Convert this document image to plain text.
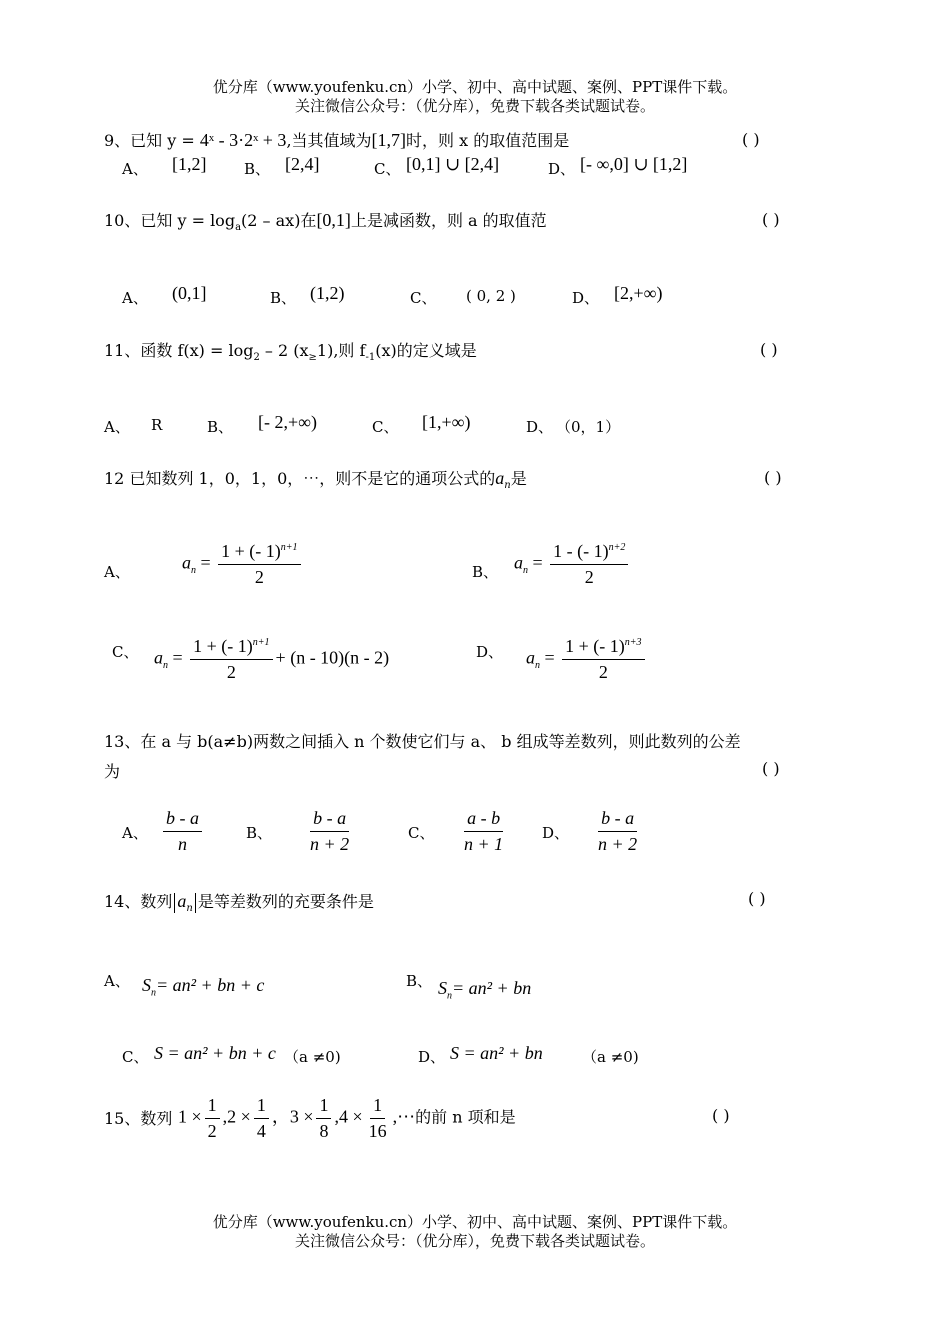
优分库（www.youfenku.cn）小学、初中、高中试题、案例、PPT课件下载。
关注微信公众号：（优分库），免费下载各类试题试卷。
9、已知 y = 4ˣ - 3·2ˣ + 3,当其值域为[1,7]时，则 x 的取值范围是	( )
A、 [1,2]	B、 [2,4]	C、 [0,1] ∪ [2,4]	D、 [- ∞,0] ∪ [1,2]
10、已知 $y = \log_a(2 - ax)$在[0,1]上是减函数，则 a 的取值范	( )
A、 (0,1]	B、 (1,2)	C、 ( 0, 2 )	D、 [2,+∞)
11、函数 $f(x) = \log_2 - 2$ $(x_\ge 1)$,则 $f_{-1}(x)$的定义域是	( )
A、 R	B、 [- 2,+∞)	C、 [1,+∞)	D、 （0，1）
12 已知数列 1，0，1，0，⋯，则不是它的通项公式的$a_n$是	( )
A、	$a_n = \frac{1 + (- 1)^{n+1}}{2}$	B、 $a_n = \frac{1 - (- 1)^{n+2}}{2}$
C、 $a_n = \frac{1 + (- 1)^{n+1}}{2} + (n - 10)(n - 2)$	D、 $a_n = \frac{1 + (- 1)^{n+3}}{2}$
13、在 a 与 b(a≠b)两数之间插入 n 个数使它们与 a、 b 组成等差数列，则此数列的公差
为	( )
A、 $\frac{b - a}{n}$	B、 $\frac{b - a}{n + 2}$	C、 $\frac{a - b}{n + 1}$ D、 $\frac{b - a}{n + 2}$
14、数列 $a_n$ 是等差数列的充要条件是	( )
A、 $S_n= an^2$ + bn + c	B、 $S_n= an^2$ + bn
C、 S = an² + bn + c （a ≠0)	D、 S = an² + bn	（a ≠0)
15、数列 $1 \times \frac{1}{2} ,2 \times \frac{1}{4}$ ，$3 \times \frac{1}{8} ,4 \times \frac{1}{16}$ ,⋯的前 n 项和是	( )
优分库（www.youfenku.cn）小学、初中、高中试题、案例、PPT课件下载。
关注微信公众号：（优分库），免费下载各类试题试卷。
